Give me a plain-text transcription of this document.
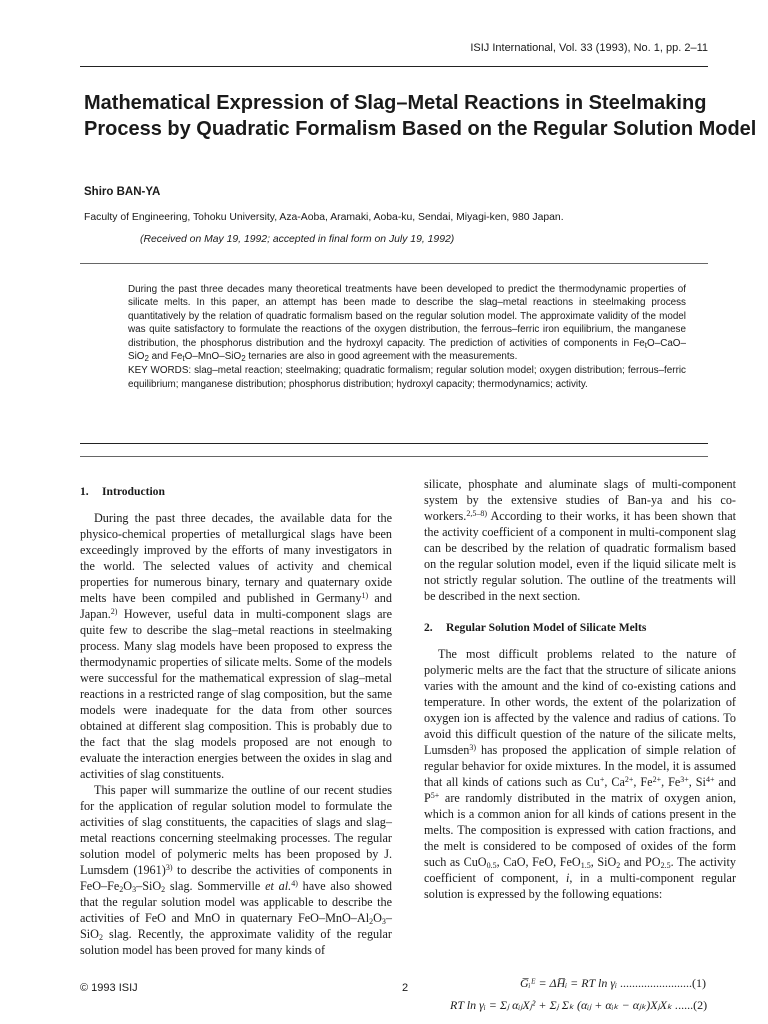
ISIJ International, Vol. 33 (1993), No. 1, pp. 2–11
Mathematical Expression of Slag–Metal Reactions in Steelmaking
Process by Quadratic Formalism Based on the Regular Solution Model
Shiro BAN-YA
Faculty of Engineering, Tohoku University, Aza-Aoba, Aramaki, Aoba-ku, Sendai, Miyagi-ken, 980 Japan.
(Received on May 19, 1992; accepted in final form on July 19, 1992)

During the past three decades many theoretical treatments have been developed to predict the thermodynamic properties of silicate melts. In this paper, an attempt has been made to describe the slag–metal reactions in steelmaking process quantitatively by the relation of quadratic formalism based on the regular solution model. The approximate validity of the model was quite satisfactory to formulate the reactions of the oxygen distribution, the ferrous–ferric iron equilibrium, the manganese distribution, the phosphorus distribution and the hydroxyl capacity. The prediction of activities of components in $Fe_tO-CaO-SiO_2$ and $Fe_tO-MnO-SiO_2$ ternaries are also in good agreement with the measurements.

KEY WORDS: slag–metal reaction; steelmaking; quadratic formalism; regular solution model; oxygen distribution; ferrous–ferric equilibrium; manganese distribution; phosphorus distribution; hydroxyl capacity; thermodynamics; activity.

1. Introduction

During the past three decades, the available data for the physico-chemical properties of metallurgical slags have been exceedingly improved by the efforts of many investigators in the world. The selected values of activity and chemical properties for numerous binary, ternary and quaternary oxide melts have been compiled and published in Germany$^{1)}$ and Japan.$^{2)}$ However, useful data in multi-component slags are quite few to describe the slag–metal reactions in steelmaking process. Many slag models have been proposed to express the thermodynamic properties of silicate melts. Some of the models were successful for the mathematical expression of slag–metal reactions in a restricted range of slag composition, but the same models were inadequate for the data from other sources obtained at different slag composition. This is probably due to the fact that the slag models proposed are not enough to evaluate the interaction energies between the oxides in slag and activities of slag constituents.

This paper will summarize the outline of our recent studies for the application of regular solution model to formulate the activities of slag constituents, the capacities of slags and slag–metal reactions concerning steelmaking processes. The regular solution model of polymeric melts has been proposed by J. Lumsdem $(1961)^{3)}$ to describe the activities of components in FeO–$Fe_2O_3-SiO_2$ slag. Sommerville et al.$^{4)}$ have also showed that the regular solution model was applicable to describe the activities of FeO and MnO in quaternary FeO–$MnO-Al_2O_3-SiO_2$ slag. Recently, the approximate validity of the regular solution model has been proved for many kinds of

silicate, phosphate and aluminate slags of multi-component system by the extensive studies of Ban-ya and his co-workers.$^{2,5-8)}$ According to their works, it has been shown that the activity coefficient of a component in multi-component slag can be described by the relation of quadratic formalism based on the regular solution model, even if the liquid silicate melt is not strictly regular solution. The outline of the treatments will be described in the next section.

2. Regular Solution Model of Silicate Melts

The most difficult problems related to the nature of polymeric melts are the fact that the structure of silicate anions varies with the amount and the kind of co-existing cations and temperature. In other words, the extent of the polarization of oxygen ion is affected by the valence and radius of cations. To avoid this difficult question of the nature of the silicate melts, Lumsden$^{3)}$ has proposed the application of simple relation of regular behavior for oxide mixtures. In the model, it is assumed that all kinds of cations such as Cu+, $Ca^{2+}$, $Fe^{2+}$, $Fe^{3+}$, $Si^{4+}$ and $P^{5+}$ are randomly distributed in the matrix of oxygen anion, which is a common anion for all kinds of cations present in the melts. The composition is expressed with cation fractions, and the melt is considered to be composed of oxides of the form such as CuO$_{0.5}$, CaO, FeO, FeO$_{1.5}$, SiO$_2$ and $PO_{2.5}$. The activity coefficient of component, i, in a multi-component regular solution is expressed by the following equations:

G̅ᵢᴱ = ΔH̅ᵢ = RT ln γᵢ ........................(1)
RT ln γᵢ = Σⱼ αᵢⱼXⱼ² + Σⱼ Σₖ (αᵢⱼ + αᵢₖ − αⱼₖ)XⱼXₖ ......(2)
© 1993 ISIJ	2
